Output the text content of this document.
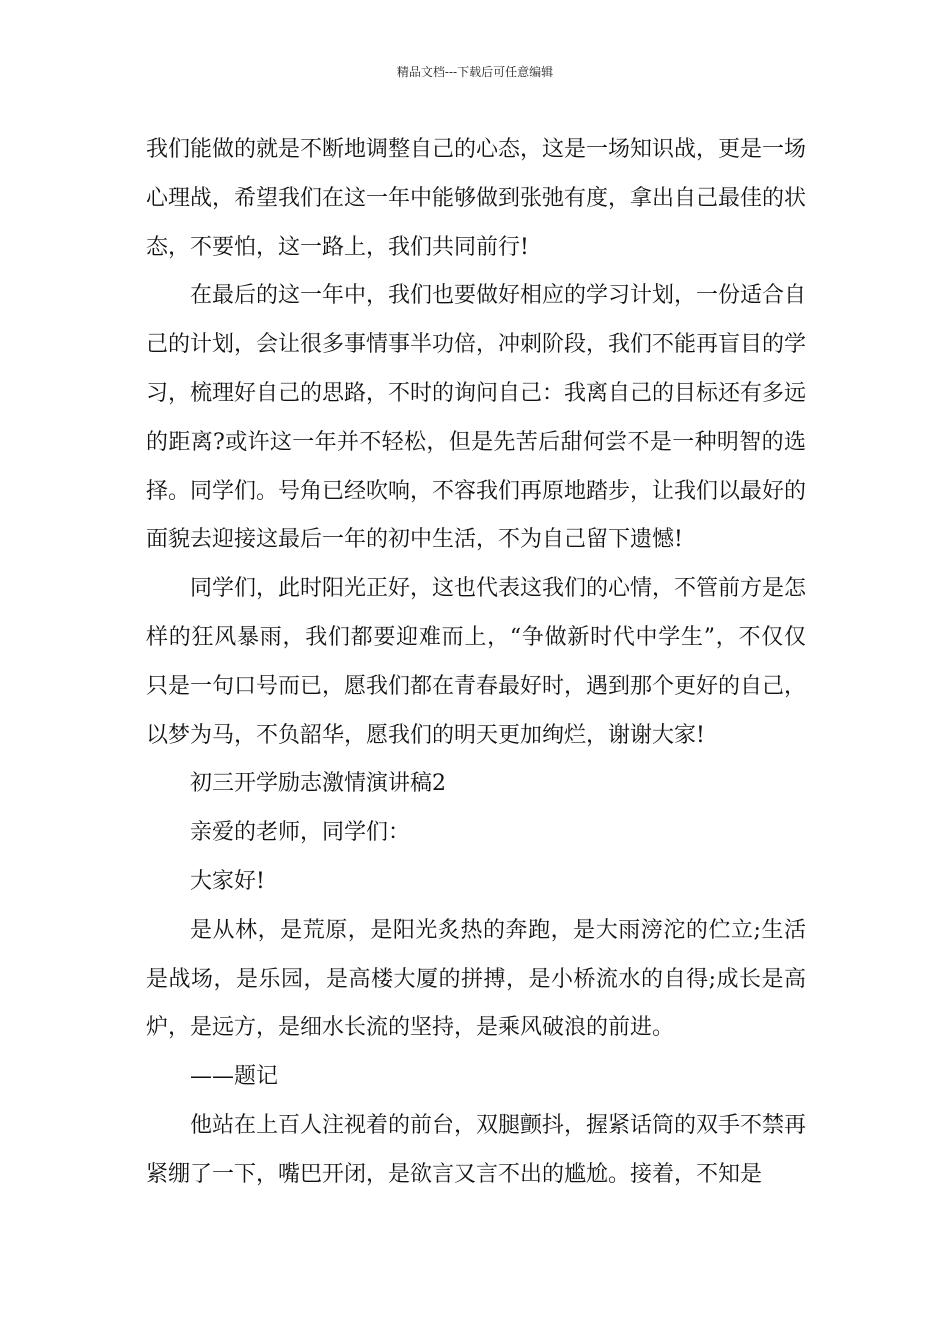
精品文档---下载后可任意编辑

我们能做的就是不断地调整自己的心态，这是一场知识战，更是一场心理战，希望我们在这一年中能够做到张弛有度，拿出自己最佳的状态，不要怕，这一路上，我们共同前行!

在最后的这一年中，我们也要做好相应的学习计划，一份适合自己的计划，会让很多事情事半功倍，冲刺阶段，我们不能再盲目的学习，梳理好自己的思路，不时的询问自己：我离自己的目标还有多远的距离?或许这一年并不轻松，但是先苦后甜何尝不是一种明智的选择。同学们。号角已经吹响，不容我们再原地踏步，让我们以最好的面貌去迎接这最后一年的初中生活，不为自己留下遗憾!

同学们，此时阳光正好，这也代表这我们的心情，不管前方是怎样的狂风暴雨，我们都要迎难而上，“争做新时代中学生”，不仅仅只是一句口号而已，愿我们都在青春最好时，遇到那个更好的自己，以梦为马，不负韶华，愿我们的明天更加绚烂，谢谢大家!

初三开学励志激情演讲稿2

亲爱的老师，同学们：

大家好!

是从林，是荒原，是阳光炙热的奔跑，是大雨滂沱的伫立;生活是战场，是乐园，是高楼大厦的拼搏，是小桥流水的自得;成长是高炉，是远方，是细水长流的坚持，是乘风破浪的前进。

——题记

他站在上百人注视着的前台，双腿颤抖，握紧话筒的双手不禁再紧绷了一下，嘴巴开闭，是欲言又言不出的尴尬。接着，不知是
